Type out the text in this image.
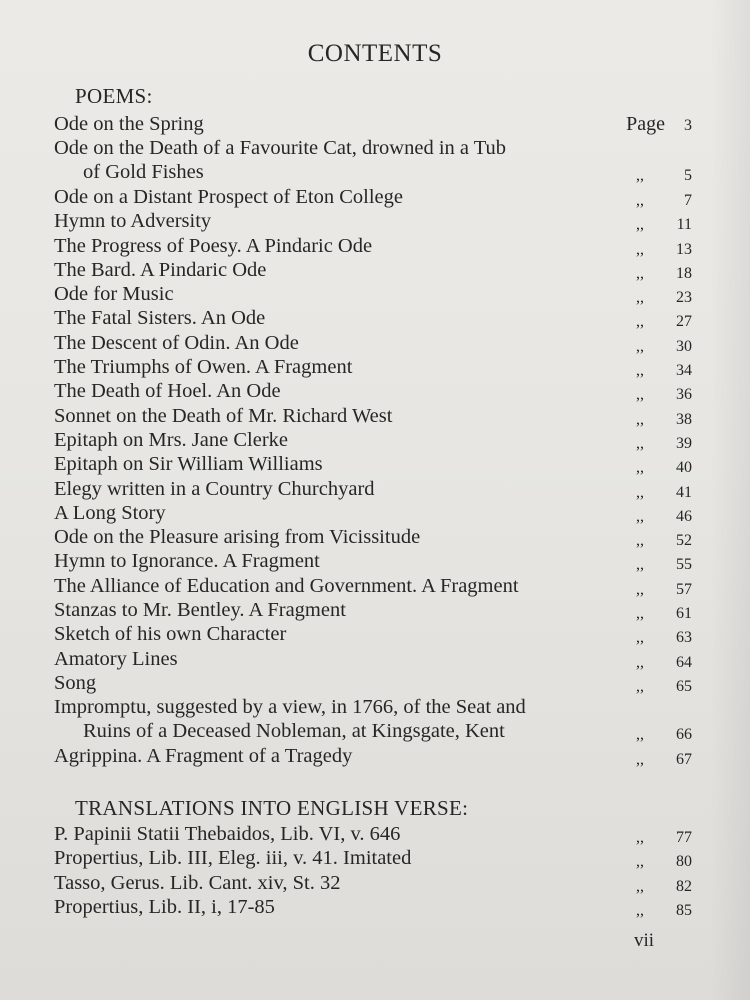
CONTENTS
POEMS:
Ode on the Spring	Page 3
Ode on the Death of a Favourite Cat, drowned in a Tub
of Gold Fishes	,,	5
Ode on a Distant Prospect of Eton College	,,	7
Hymn to Adversity	,, 11
The Progress of Poesy. A Pindaric Ode	,, 13
The Bard. A Pindaric Ode	,, 18
Ode for Music	,, 23
The Fatal Sisters. An Ode	,, 27
The Descent of Odin. An Ode	,, 30
The Triumphs of Owen. A Fragment	,, 34
The Death of Hoel. An Ode	,, 36
Sonnet on the Death of Mr. Richard West	,, 38
Epitaph on Mrs. Jane Clerke	,, 39
Epitaph on Sir William Williams	,, 40
Elegy written in a Country Churchyard	,, 41
A Long Story	,, 46
Ode on the Pleasure arising from Vicissitude	,, 52
Hymn to Ignorance. A Fragment	,, 55
The Alliance of Education and Government. A Fragment	,, 57
Stanzas to Mr. Bentley. A Fragment	,, 61
Sketch of his own Character	,, 63
Amatory Lines	,, 64
Song	,, 65
Impromptu, suggested by a view, in 1766, of the Seat and
Ruins of a Deceased Nobleman, at Kingsgate, Kent	,, 66
Agrippina. A Fragment of a Tragedy	,, 67
TRANSLATIONS INTO ENGLISH VERSE:
P. Papinii Statii Thebaidos, Lib. VI, v. 646	,, 77
Propertius, Lib. III, Eleg. iii, v. 41. Imitated	,, 80
Tasso, Gerus. Lib. Cant. xiv, St. 32	,, 82
Propertius, Lib. II, i, 17-85	,, 85
vii
